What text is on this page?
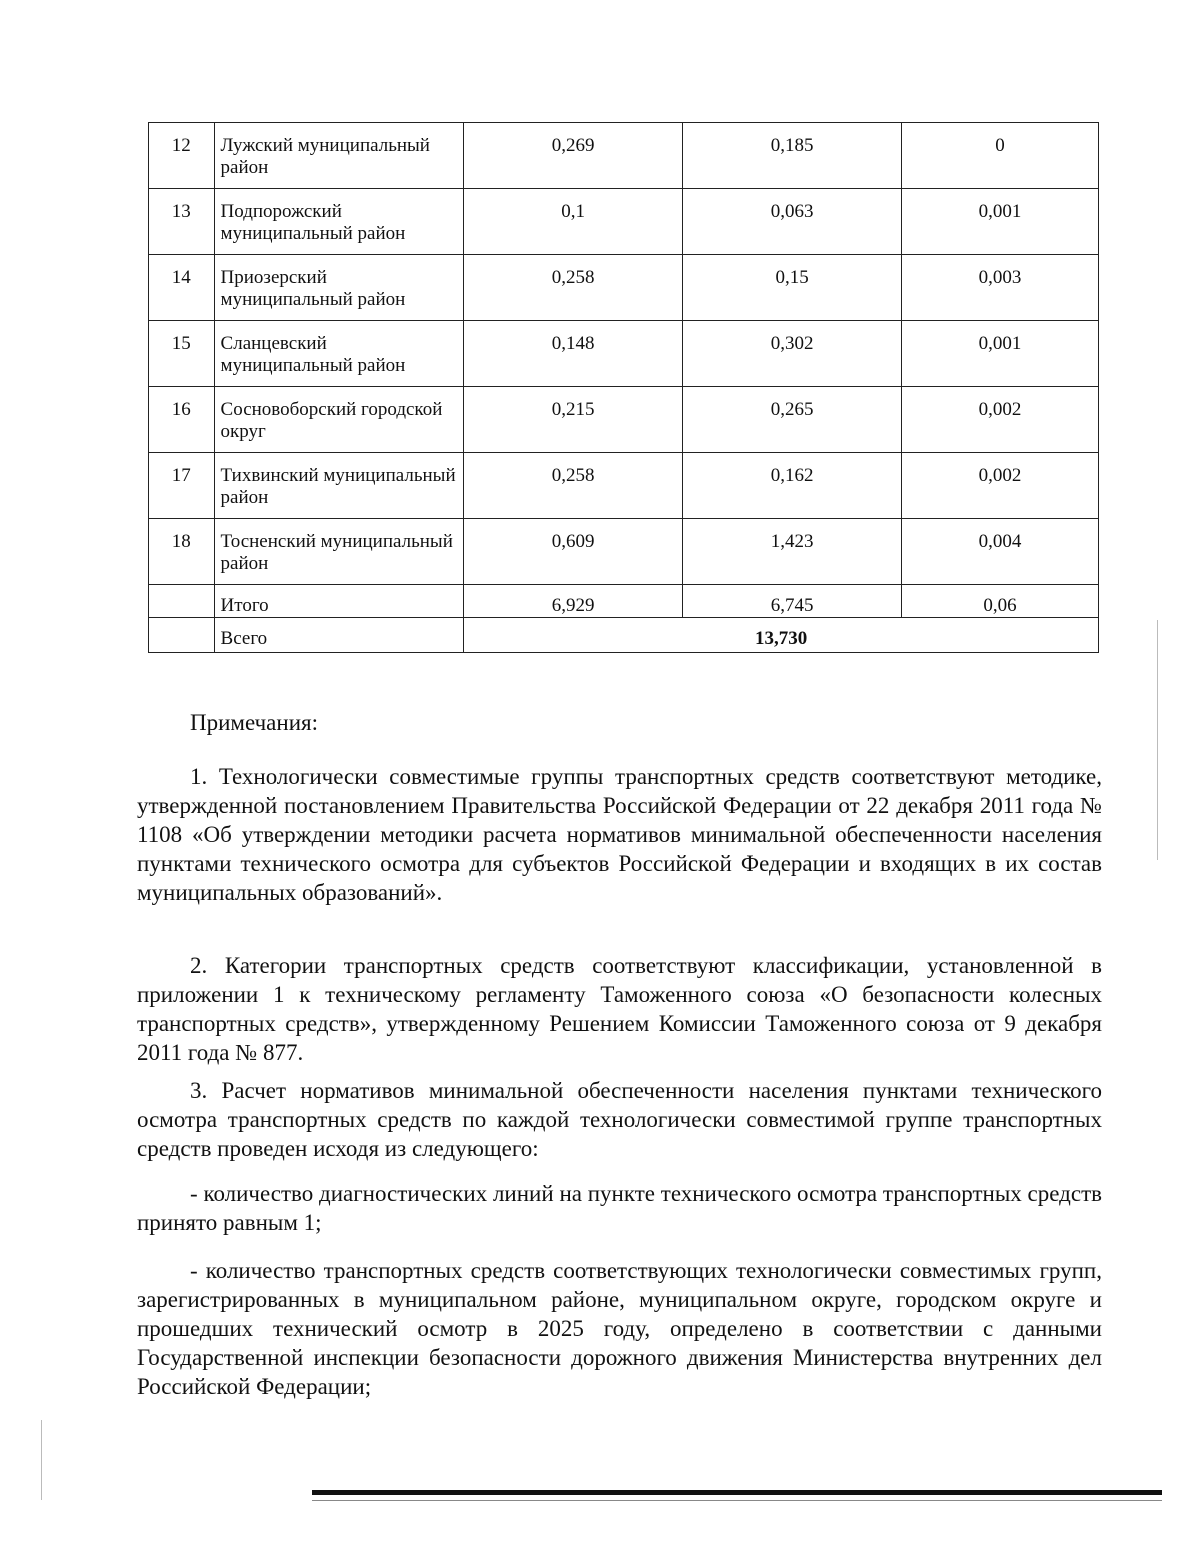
12	Лужский муниципальный район	0,269	0,185	0
13	Подпорожский муниципальный район	0,1	0,063	0,001
14	Приозерский муниципальный район	0,258	0,15	0,003
15	Сланцевский муниципальный район	0,148	0,302	0,001
16	Сосновоборский городской округ	0,215	0,265	0,002
17	Тихвинский муниципальный район	0,258	0,162	0,002
18	Тосненский муниципальный район	0,609	1,423	0,004
	Итого	6,929	6,745	0,06
	Всего	13,730		
Примечания:
1. Технологически совместимые группы транспортных средств соответствуют методике, утвержденной постановлением Правительства Российской Федерации от 22 декабря 2011 года № 1108 «Об утверждении методики расчета нормативов минимальной обеспеченности населения пунктами технического осмотра для субъектов Российской Федерации и входящих в их состав муниципальных образований».
2. Категории транспортных средств соответствуют классификации, установленной в приложении 1 к техническому регламенту Таможенного союза «О безопасности колесных транспортных средств», утвержденному Решением Комиссии Таможенного союза от 9 декабря 2011 года № 877.
3. Расчет нормативов минимальной обеспеченности населения пунктами технического осмотра транспортных средств по каждой технологически совместимой группе транспортных средств проведен исходя из следующего:
- количество диагностических линий на пункте технического осмотра транспортных средств принято равным 1;
- количество транспортных средств соответствующих технологически совместимых групп, зарегистрированных в муниципальном районе, муниципальном округе, городском округе и прошедших технический осмотр в 2025 году, определено в соответствии с данными Государственной инспекции безопасности дорожного движения Министерства внутренних дел Российской Федерации;
